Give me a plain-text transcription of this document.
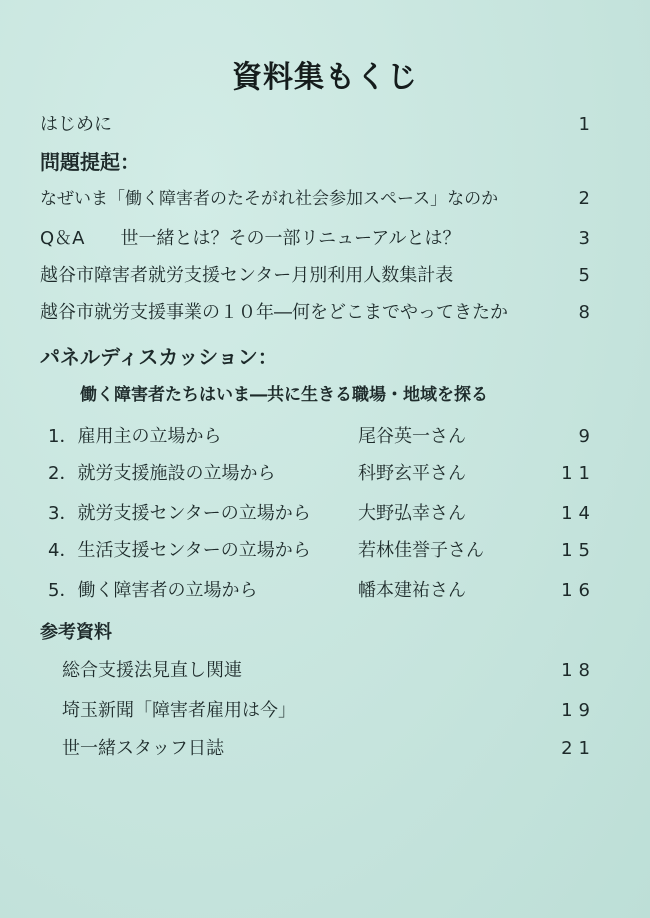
資料集もくじ
はじめに	1
問題提起：
なぜいま「働く障害者のたそがれ社会参加スペース」なのか	2
Q＆A　　世一緒とは？その一部リニューアルとは？	3
越谷市障害者就労支援センター月別利用人数集計表	5
越谷市就労支援事業の１０年―何をどこまでやってきたか	8
パネルディスカッション：
働く障害者たちはいま―共に生きる職場・地域を探る
1．雇用主の立場から	尾谷英一さん	9
2．就労支援施設の立場から	科野玄平さん	11
3．就労支援センターの立場から	大野弘幸さん	14
4．生活支援センターの立場から	若林佳誉子さん	15
5．働く障害者の立場から	幡本建祐さん	16
参考資料
総合支援法見直し関連	18
埼玉新聞「障害者雇用は今」	19
世一緒スタッフ日誌	21
